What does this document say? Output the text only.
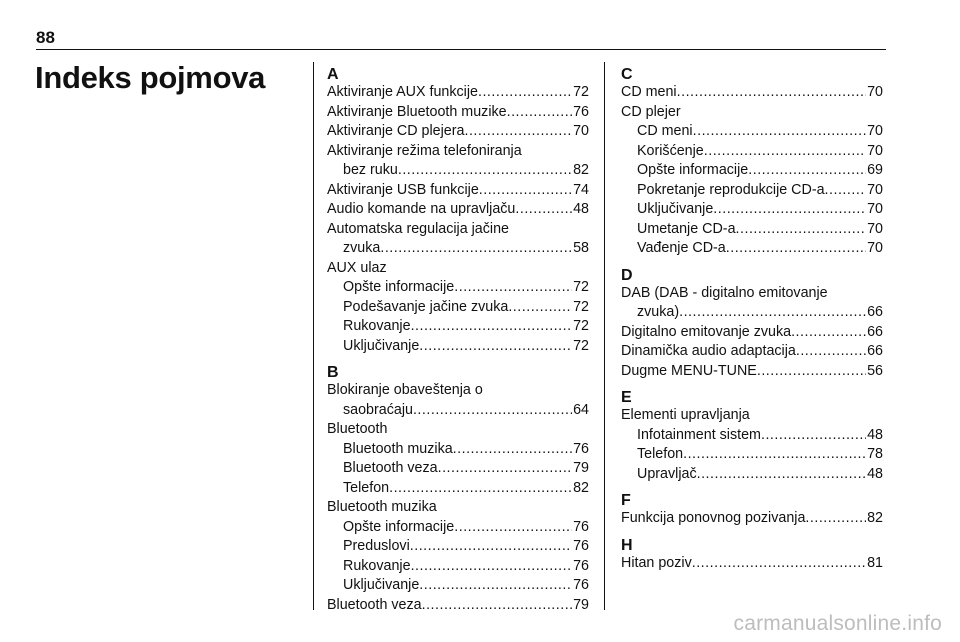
88
Indeks pojmova	A
Aktiviranje AUX funkcije .....	72
Aktiviranje Bluetooth muzike .....	76
Aktiviranje CD plejera .....	70
Aktiviranje režima telefoniranja
bez ruku .....	82
Aktiviranje USB funkcije .....	74
Audio komande na upravljaču .....	48
Automatska regulacija jačine
zvuka .....	58
AUX ulaz
Opšte informacije .....	72
Podešavanje jačine zvuka .....	72
Rukovanje .....	72
Uključivanje .....	72
B
Blokiranje obaveštenja o
saobraćaju .....	64
Bluetooth
Bluetooth muzika .....	76
Bluetooth veza .....	79
Telefon .....	82
Bluetooth muzika
Opšte informacije .....	76
Preduslovi .....	76
Rukovanje .....	76
Uključivanje .....	76
Bluetooth veza .....	79
C
CD meni .....	70
CD plejer
CD meni .....	70
Korišćenje .....	70
Opšte informacije .....	69
Pokretanje reprodukcije CD-a .....	70
Uključivanje .....	70
Umetanje CD-a .....	70
Vađenje CD-a .....	70
D
DAB (DAB - digitalno emitovanje
zvuka) .....	66
Digitalno emitovanje zvuka .....	66
Dinamička audio adaptacija .....	66
Dugme MENU-TUNE .....	56
E
Elementi upravljanja
Infotainment sistem .....	48
Telefon .....	78
Upravljač .....	48
F
Funkcija ponovnog pozivanja .....	82
H
Hitan poziv .....	81
carmanualsonline.info
